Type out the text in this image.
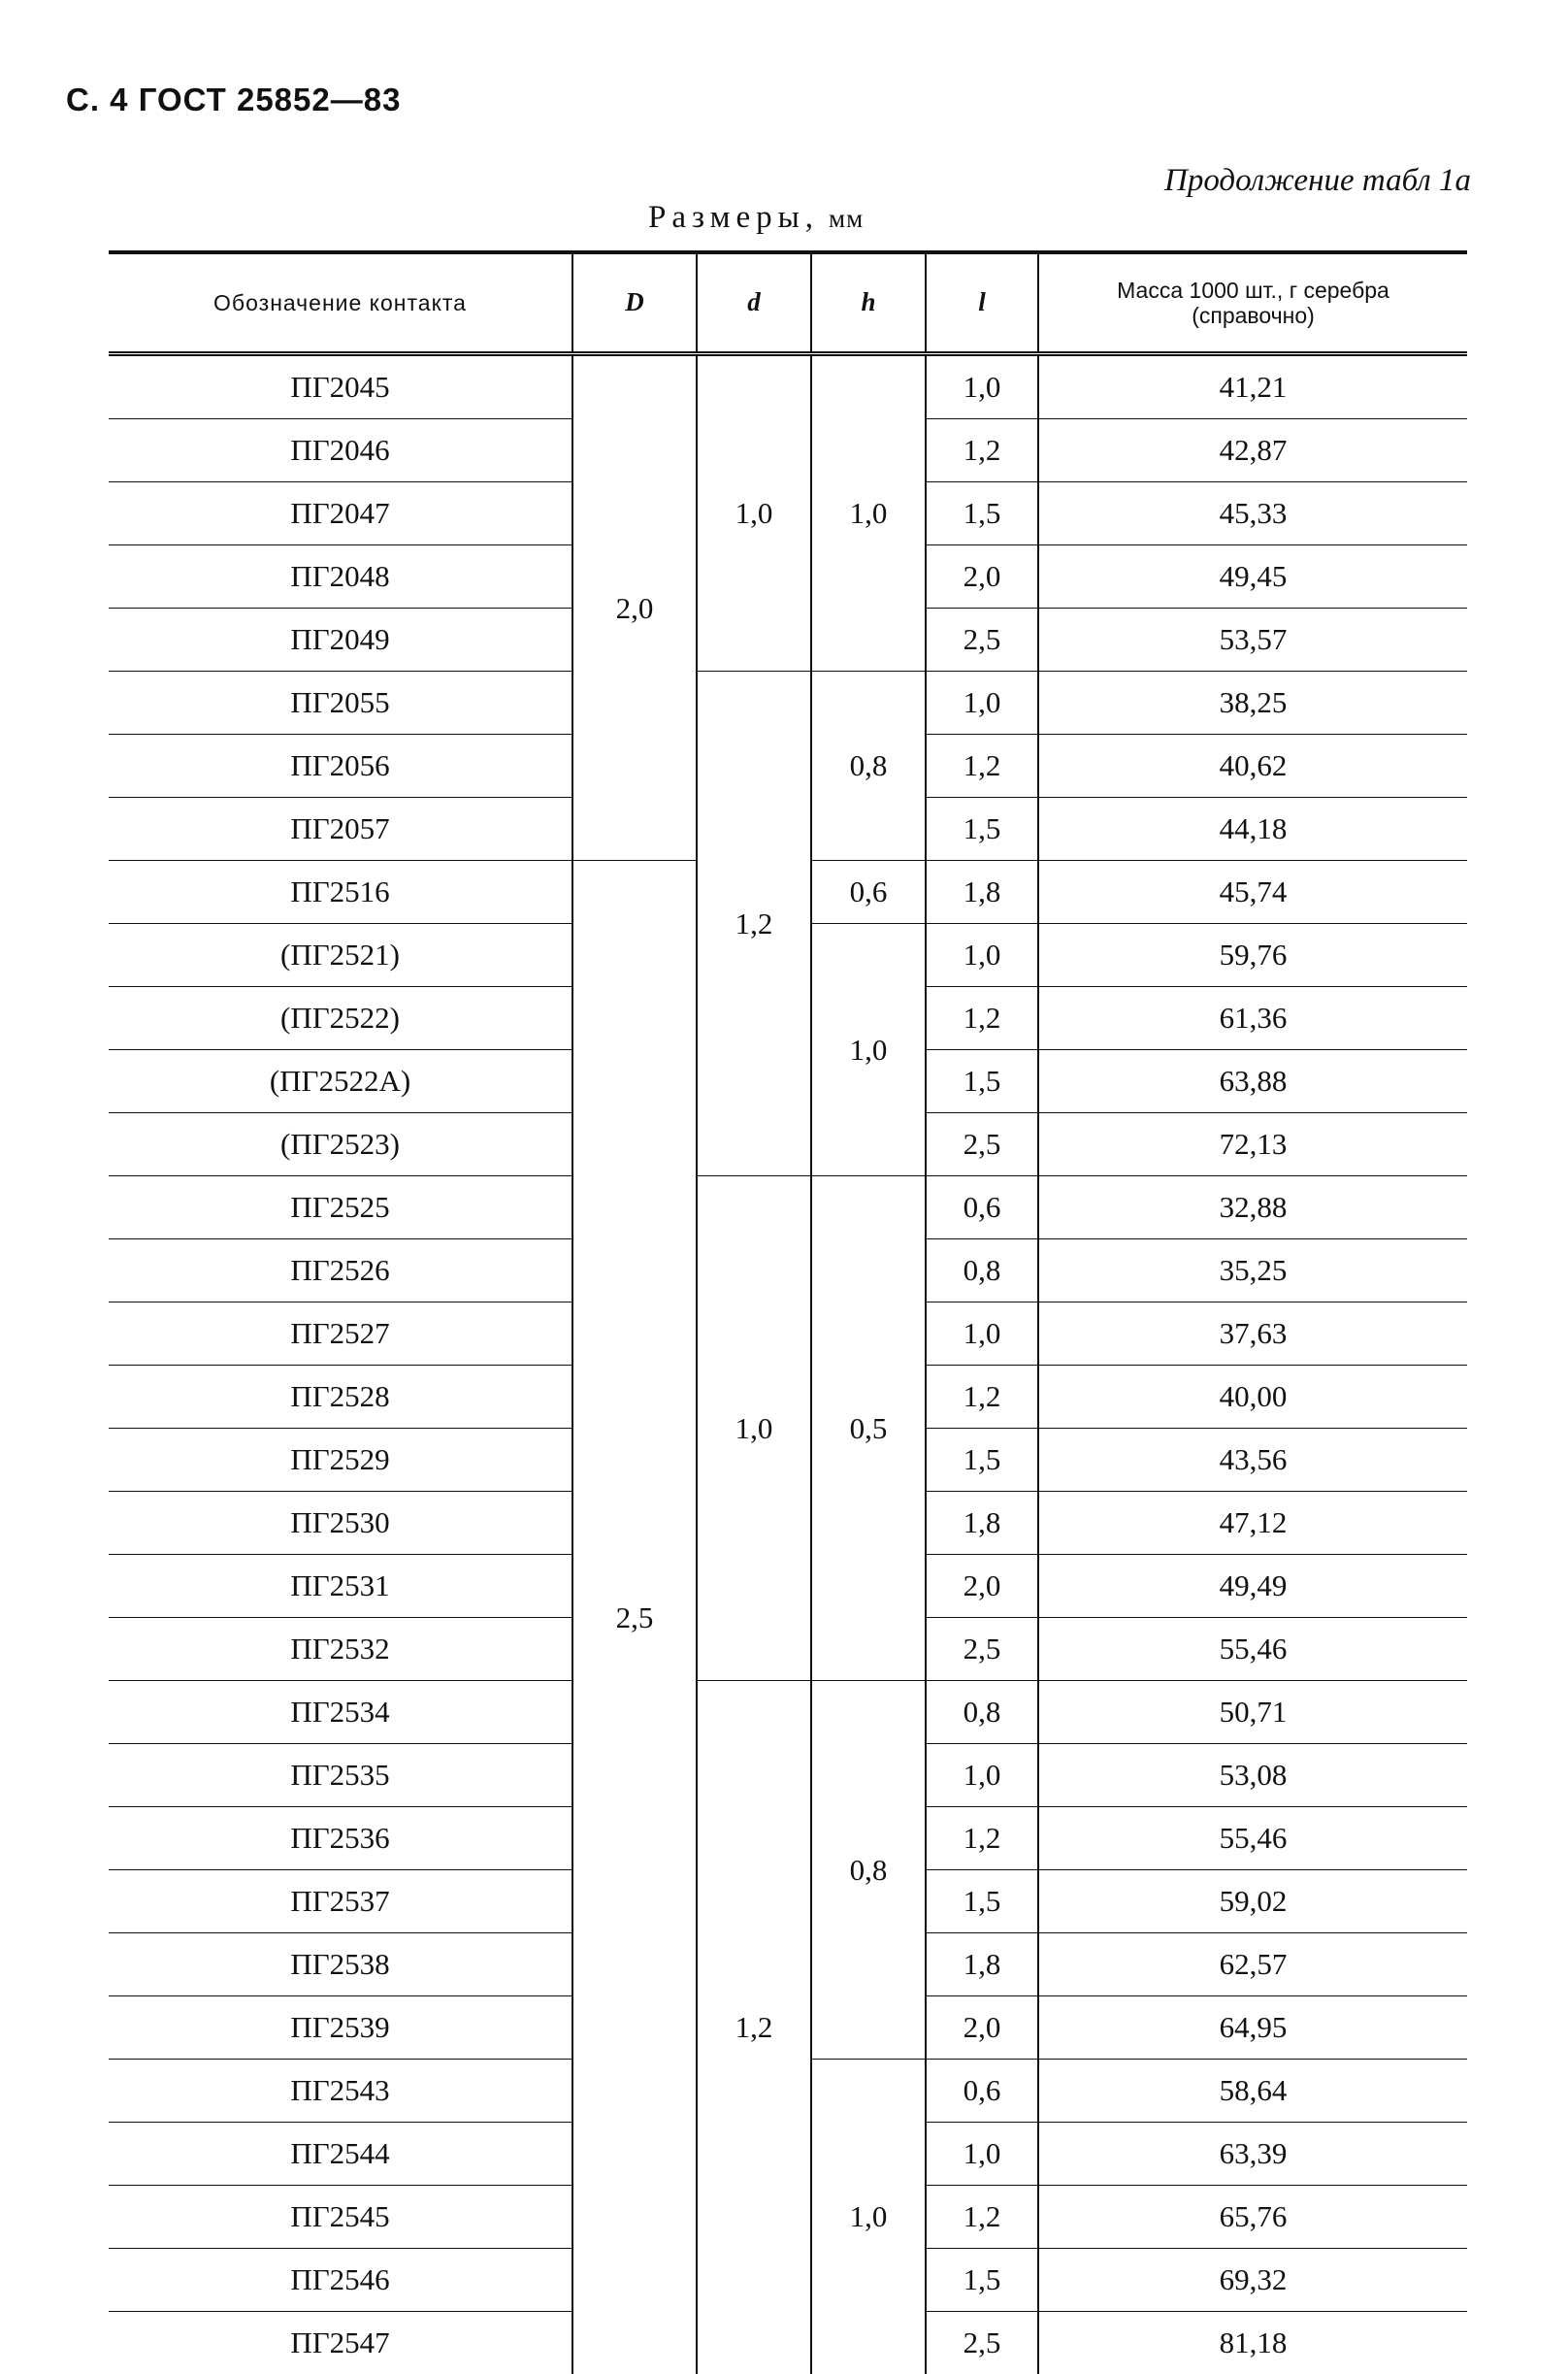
С. 4 ГОСТ 25852—83
Продолжение табл 1а
Размеры, мм
Обозначение контакта	D	d	h	l	Масса 1000 шт., г серебра
(справочно)

ПГ2045	2,0	1,0	1,0	1,0	41,21
ПГ2046				1,2	42,87
ПГ2047				1,5	45,33
ПГ2048				2,0	49,45
ПГ2049				2,5	53,57
ПГ2055		1,2	0,8	1,0	38,25
ПГ2056				1,2	40,62
ПГ2057				1,5	44,18
ПГ2516	2,5		0,6	1,8	45,74
(ПГ2521)			1,0	1,0	59,76
(ПГ2522)				1,2	61,36
(ПГ2522А)				1,5	63,88
(ПГ2523)				2,5	72,13
ПГ2525		1,0	0,5	0,6	32,88
ПГ2526				0,8	35,25
ПГ2527				1,0	37,63
ПГ2528				1,2	40,00
ПГ2529				1,5	43,56
ПГ2530				1,8	47,12
ПГ2531				2,0	49,49
ПГ2532				2,5	55,46
ПГ2534		1,2	0,8	0,8	50,71
ПГ2535				1,0	53,08
ПГ2536				1,2	55,46
ПГ2537				1,5	59,02
ПГ2538				1,8	62,57
ПГ2539				2,0	64,95
ПГ2543			1,0	0,6	58,64
ПГ2544				1,0	63,39
ПГ2545				1,2	65,76
ПГ2546				1,5	69,32
ПГ2547				2,5	81,18
